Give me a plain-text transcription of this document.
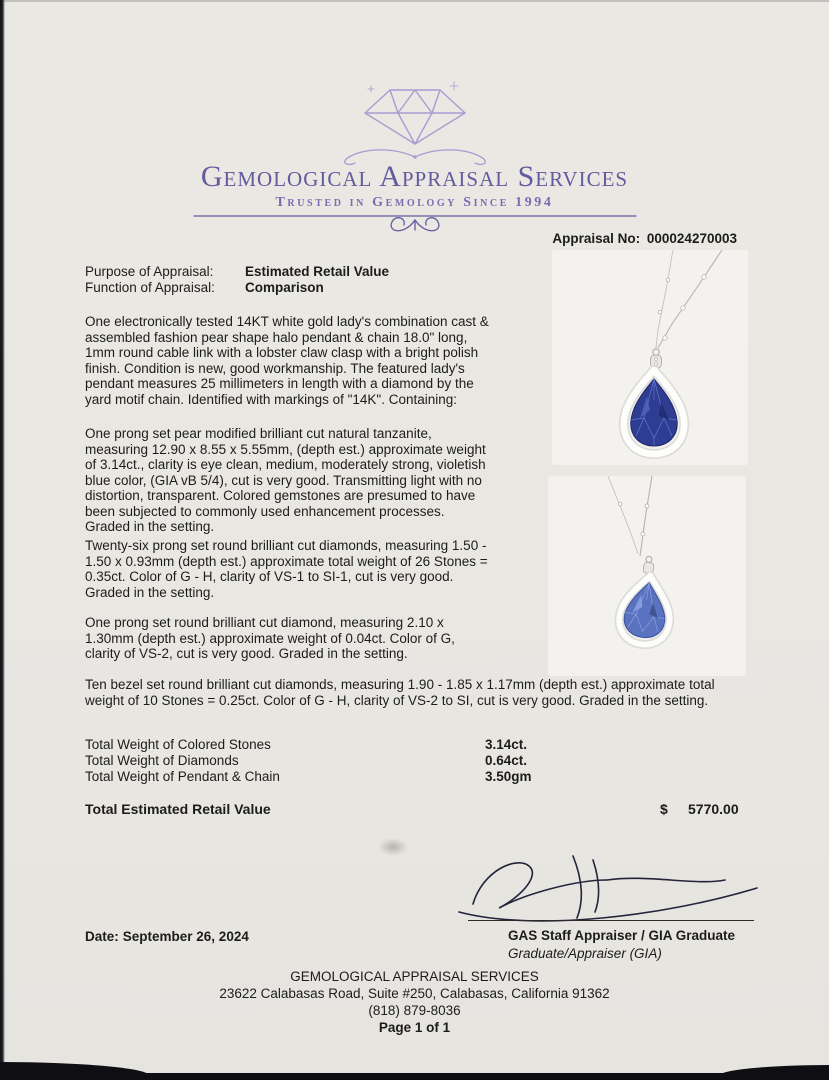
Gemological Appraisal Services
Trusted in Gemology Since 1994
Appraisal No: 000024270003
Purpose of Appraisal:	Estimated Retail Value
Function of Appraisal:	Comparison

One electronically tested 14KT white gold lady's combination cast & assembled fashion pear shape halo pendant & chain 18.0" long, 1mm round cable link with a lobster claw clasp with a bright polish finish. Condition is new, good workmanship. The featured lady's pendant measures 25 millimeters in length with a diamond by the yard motif chain. Identified with markings of "14K". Containing:

One prong set pear modified brilliant cut natural tanzanite, measuring 12.90 x 8.55 x 5.55mm, (depth est.) approximate weight of 3.14ct., clarity is eye clean, medium, moderately strong, violetish blue color, (GIA vB 5/4), cut is very good. Transmitting light with no distortion, transparent. Colored gemstones are presumed to have been subjected to commonly used enhancement processes. Graded in the setting.

Twenty-six prong set round brilliant cut diamonds, measuring 1.50 - 1.50 x 0.93mm (depth est.) approximate total weight of 26 Stones = 0.35ct. Color of G - H, clarity of VS-1 to SI-1, cut is very good. Graded in the setting.

One prong set round brilliant cut diamond, measuring 2.10 x 1.30mm (depth est.) approximate weight of 0.04ct. Color of G, clarity of VS-2, cut is very good. Graded in the setting.

Ten bezel set round brilliant cut diamonds, measuring 1.90 - 1.85 x 1.17mm (depth est.) approximate total weight of 10 Stones = 0.25ct. Color of G - H, clarity of VS-2 to SI, cut is very good. Graded in the setting.

Total Weight of Colored Stones	3.14ct.
Total Weight of Diamonds	0.64ct.
Total Weight of Pendant & Chain	3.50gm
Total Estimated Retail Value	$ 5770.00
Date: September 26, 2024	GAS Staff Appraiser / GIA Graduate
Graduate/Appraiser (GIA)
GEMOLOGICAL APPRAISAL SERVICES
23622 Calabasas Road, Suite #250, Calabasas, California 91362
(818) 879-8036
Page 1 of 1
